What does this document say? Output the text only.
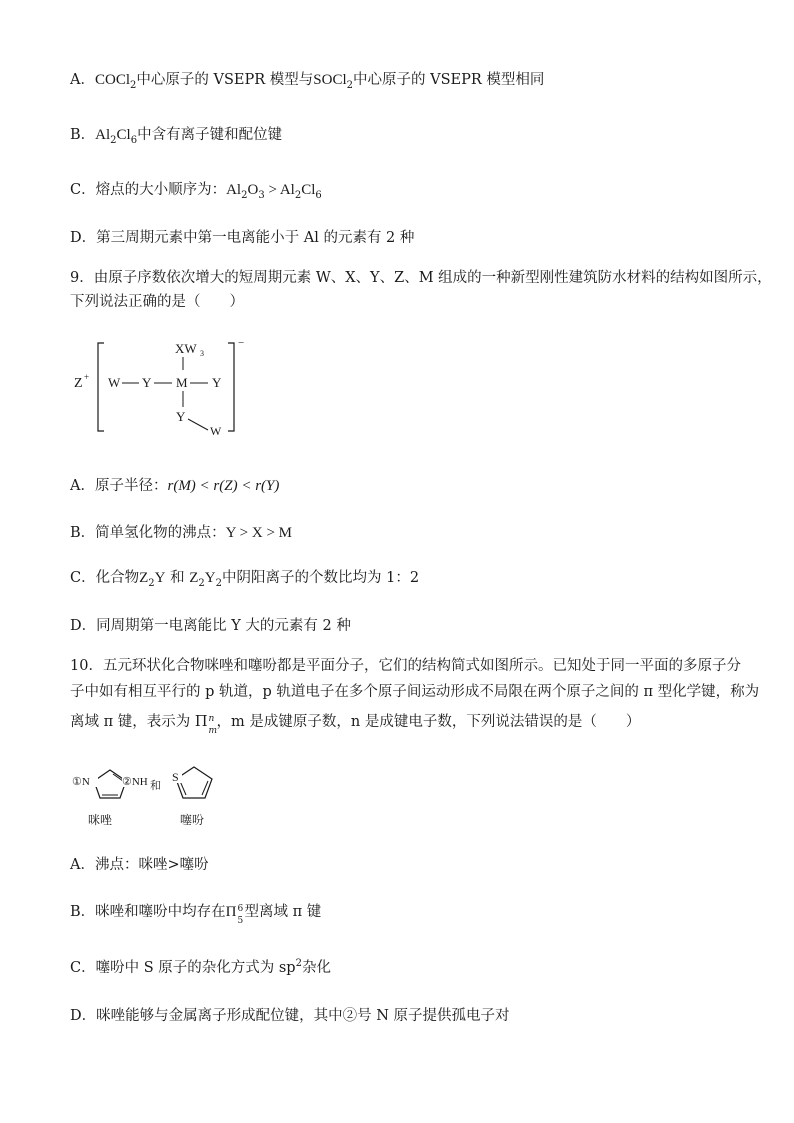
A．COCl$_2$中心原子的 VSEPR 模型与SOCl$_2$中心原子的 VSEPR 模型相同
B．$Al_2Cl_6$中含有离子键和配位键
C．熔点的大小顺序为：$Al_2O_3 > Al_2Cl_6$
D．第三周期元素中第一电离能小于 Al 的元素有 2 种
9．由原子序数依次增大的短周期元素 W、X、Y、Z、M 组成的一种新型刚性建筑防水材料的结构如图所示，
下列说法正确的是（　　）
Z +
−
XW 3
W Y M Y
Y
W
A．原子半径：r(M) < r(Z) < r(Y)
B．简单氢化物的沸点：Y > X > M
C．化合物$Z_2Y$ 和 $Z_2Y_2$中阴阳离子的个数比均为 1：2
D．同周期第一电离能比 Y 大的元素有 2 种
10．五元环状化合物咪唑和噻吩都是平面分子，它们的结构简式如图所示。已知处于同一平面的多原子分
子中如有相互平行的 p 轨道，p 轨道电子在多个原子间运动形成不局限在两个原子之间的 π 型化学键，称为
离域 π 键，表示为 Π n
m
，m 是成键原子数，n 是成键电子数，下列说法错误的是（　　）
①N	②NH 和
S
咪唑	噻吩
A．沸点：咪唑>噻吩
B．咪唑和噻吩中均存在Π 6
5
型离域 π 键
C．噻吩中 S 原子的杂化方式为 $sp^2$杂化
D．咪唑能够与金属离子形成配位键，其中②号 N 原子提供孤电子对
